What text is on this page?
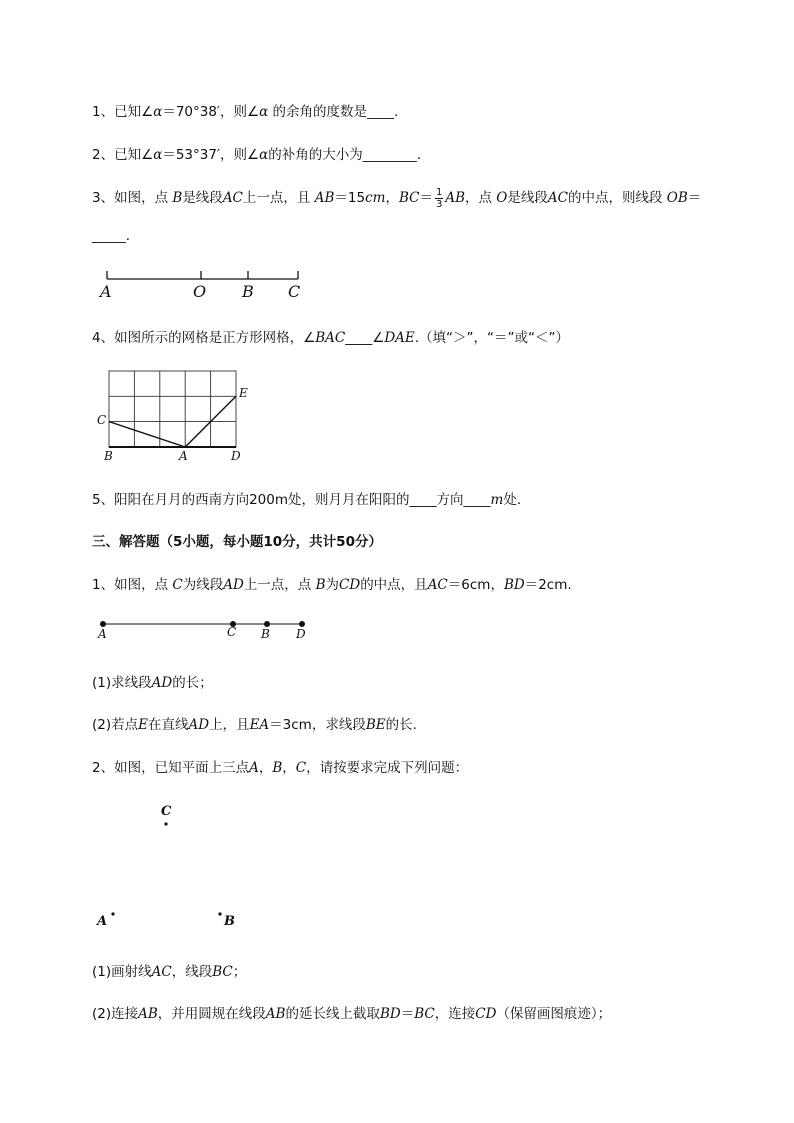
1、已知∠α＝70°38′，则∠α 的余角的度数是____.
2、已知∠α＝53°37′，则∠α的补角的大小为________.
3、如图，点 B是线段AC上一点，且 AB＝15cm，$BC= \frac{1}{3}$ AB，点 O是线段AC的中点，则线段 OB＝
_____.
A	O B C
4、如图所示的网格是正方形网格，∠BAC____∠DAE.（填“＞”，“＝”或“＜”）
E
C
B	A	D
5、阳阳在月月的西南方向200m处，则月月在阳阳的____方向____m处.
三、解答题（5小题，每小题10分，共计50分）
1、如图，点 C为线段AD上一点，点 B为CD的中点，且AC＝6cm，BD＝2cm.
A	C B D
(1)求线段AD的长；
(2)若点E在直线AD上，且EA＝3cm，求线段BE的长.
2、如图，已知平面上三点A，B，C，请按要求完成下列问题：
C
A	B
(1)画射线AC，线段BC；
(2)连接AB，并用圆规在线段AB的延长线上截取BD＝BC，连接CD（保留画图痕迹）；
